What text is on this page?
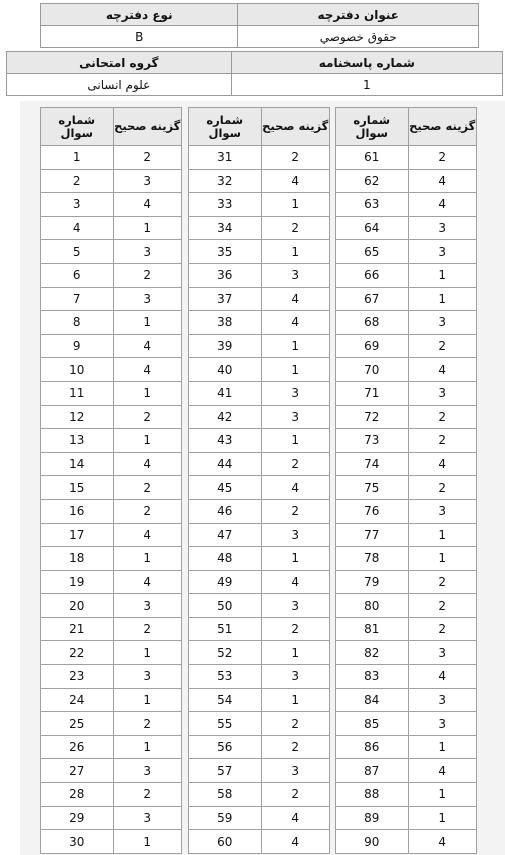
نوع دفترچه	عنوان دفترچه
B	حقوق خصوصي
گروه امتحانی	شماره پاسخنامه
علوم انسانی	1
شماره سوال	گزینه صحیح
1	2
2	3
3	4
4	1
5	3
6	2
7	3
8	1
9	4
10	4
11	1
12	2
13	1
14	4
15	2
16	2
17	4
18	1
19	4
20	3
21	2
22	1
23	3
24	1
25	2
26	1
27	3
28	2
29	3
30	1
شماره سوال	گزینه صحیح
31	2
32	4
33	1
34	2
35	1
36	3
37	4
38	4
39	1
40	1
41	3
42	3
43	1
44	2
45	4
46	2
47	3
48	1
49	4
50	3
51	2
52	1
53	3
54	1
55	2
56	2
57	3
58	2
59	4
60	4
شماره سوال	گزینه صحیح
61	2
62	4
63	4
64	3
65	3
66	1
67	1
68	3
69	2
70	4
71	3
72	2
73	2
74	4
75	2
76	3
77	1
78	1
79	2
80	2
81	2
82	3
83	4
84	3
85	3
86	1
87	4
88	1
89	1
90	4
